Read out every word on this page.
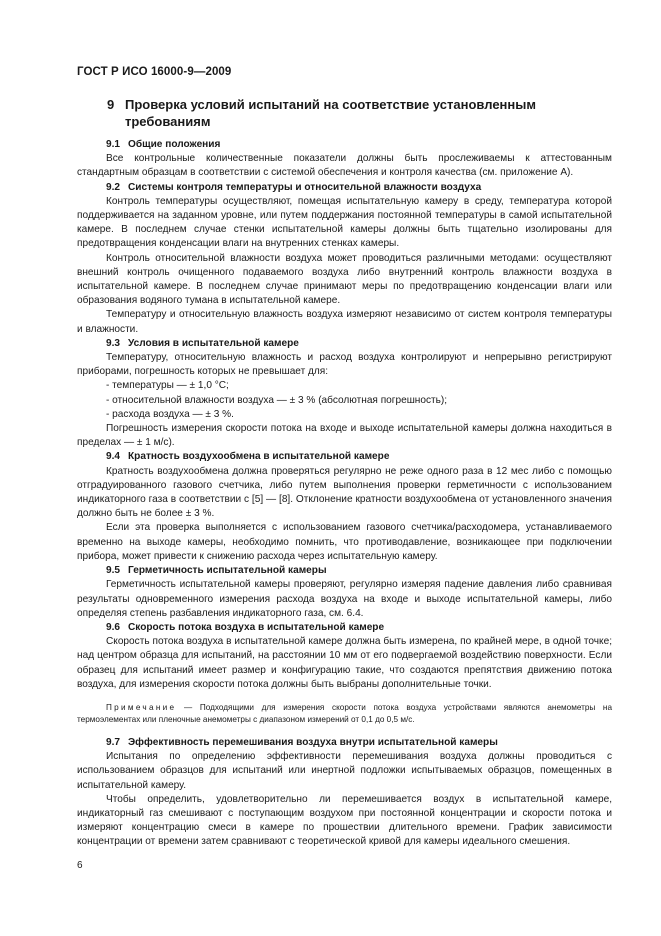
ГОСТ Р ИСО 16000-9—2009
9 Проверка условий испытаний на соответствие установленным
требованиям
9.1 Общие положения

Все контрольные количественные показатели должны быть прослеживаемы к аттестованным стандартным образцам в соответствии с системой обеспечения и контроля качества (см. приложение А).

9.2 Системы контроля температуры и относительной влажности воздуха

Контроль температуры осуществляют, помещая испытательную камеру в среду, температура которой поддерживается на заданном уровне, или путем поддержания постоянной температуры в самой испытательной камере. В последнем случае стенки испытательной камеры должны быть тщательно изолированы для предотвращения конденсации влаги на внутренних стенках камеры.

Контроль относительной влажности воздуха может проводиться различными методами: осуществляют внешний контроль очищенного подаваемого воздуха либо внутренний контроль влажности воздуха в испытательной камере. В последнем случае принимают меры по предотвращению конденсации влаги или образования водяного тумана в испытательной камере.

Температуру и относительную влажность воздуха измеряют независимо от систем контроля температуры и влажности.

9.3 Условия в испытательной камере

Температуру, относительную влажность и расход воздуха контролируют и непрерывно регистрируют приборами, погрешность которых не превышает для:

- температуры — ± 1,0 °С;
- относительной влажности воздуха — ± 3 % (абсолютная погрешность);
- расхода воздуха — ± 3 %.

Погрешность измерения скорости потока на входе и выходе испытательной камеры должна находиться в пределах — ± 1 м/с).

9.4 Кратность воздухообмена в испытательной камере

Кратность воздухообмена должна проверяться регулярно не реже одного раза в 12 мес либо с помощью отградуированного газового счетчика, либо путем выполнения проверки герметичности с использованием индикаторного газа в соответствии с [5] — [8]. Отклонение кратности воздухообмена от установленного значения должно быть не более ± 3 %.

Если эта проверка выполняется с использованием газового счетчика/расходомера, устанавливаемого временно на выходе камеры, необходимо помнить, что противодавление, возникающее при подключении прибора, может привести к снижению расхода через испытательную камеру.

9.5 Герметичность испытательной камеры

Герметичность испытательной камеры проверяют, регулярно измеряя падение давления либо сравнивая результаты одновременного измерения расхода воздуха на входе и выходе испытательной камеры, либо определяя степень разбавления индикаторного газа, см. 6.4.

9.6 Скорость потока воздуха в испытательной камере

Скорость потока воздуха в испытательной камере должна быть измерена, по крайней мере, в одной точке; над центром образца для испытаний, на расстоянии 10 мм от его подвергаемой воздействию поверхности. Если образец для испытаний имеет размер и конфигурацию такие, что создаются препятствия движению потока воздуха, для измерения скорости потока должны быть выбраны дополнительные точки.

Примечание — Подходящими для измерения скорости потока воздуха устройствами являются анемометры на термоэлементах или пленочные анемометры с диапазоном измерений от 0,1 до 0,5 м/с.

9.7 Эффективность перемешивания воздуха внутри испытательной камеры

Испытания по определению эффективности перемешивания воздуха должны проводиться с использованием образцов для испытаний или инертной подложки испытываемых образцов, помещенных в испытательной камеру.

Чтобы определить, удовлетворительно ли перемешивается воздух в испытательной камере, индикаторный газ смешивают с поступающим воздухом при постоянной концентрации и скорости потока и измеряют концентрацию смеси в камере по прошествии длительного времени. График зависимости концентрации от времени затем сравнивают с теоретической кривой для камеры идеального смешения.

6
